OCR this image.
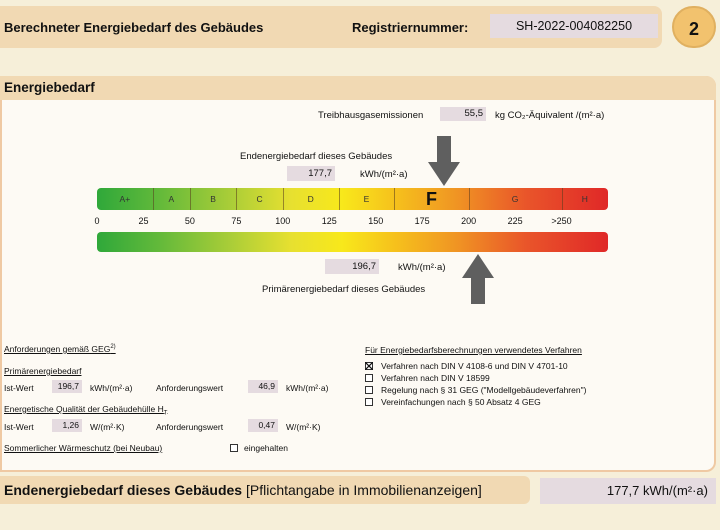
Berechneter Energiebedarf des Gebäudes	Registriernummer:	SH-2022-004082250	2
Energiebedarf
Treibhausgasemissionen	55,5	kg CO₂-Äquivalent /(m²·a)
Endenergiebedarf dieses Gebäudes
177,7	kWh/(m²·a)
A+	A	B	C	D	E	F	G	H
0	25	50	75	100	125	150	175	200	225	>250
196,7	kWh/(m²·a)
Primärenergiebedarf dieses Gebäudes
Anforderungen gemäß GEG$^{2)}$
Primärenergiebedarf
Ist-Wert	196,7	kWh/(m²·a)	Anforderungswert	46,9	kWh/(m²·a)
Energetische Qualität der Gebäudehülle $H_T$
Ist-Wert	1,26	W/(m²·K)	Anforderungswert	0,47	W/(m²·K)
Sommerlicher Wärmeschutz (bei Neubau)	eingehalten
Für Energiebedarfsberechnungen verwendetes Verfahren
Verfahren nach DIN V 4108-6 und DIN V 4701-10
Verfahren nach DIN V 18599
Regelung nach § 31 GEG ("Modellgebäudeverfahren")
Vereinfachungen nach § 50 Absatz 4 GEG
Endenergiebedarf dieses Gebäudes [Pflichtangabe in Immobilienanzeigen]	177,7 kWh/(m²·a)
